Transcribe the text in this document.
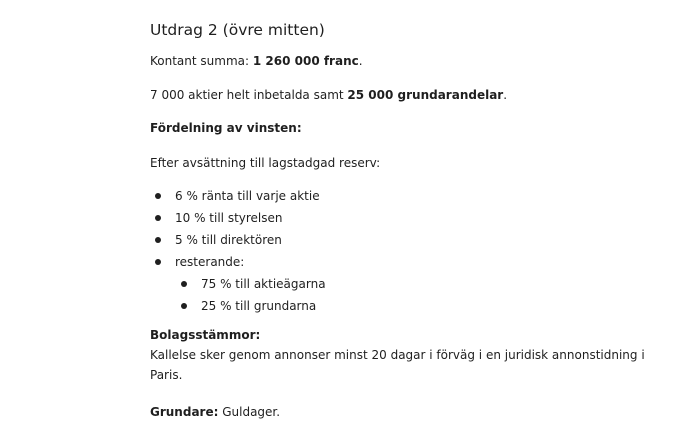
Utdrag 2 (övre mitten)

Kontant summa: 1 260 000 franc.

7 000 aktier helt inbetalda samt 25 000 grundarandelar.

Fördelning av vinsten:

Efter avsättning till lagstadgad reserv:

6 % ränta till varje aktie
10 % till styrelsen
5 % till direktören
resterande:
75 % till aktieägarna
25 % till grundarna

Bolagsstämmor:

Kallelse sker genom annonser minst 20 dagar i förväg i en juridisk annonstidning i Paris.

Grundare: Guldager.
